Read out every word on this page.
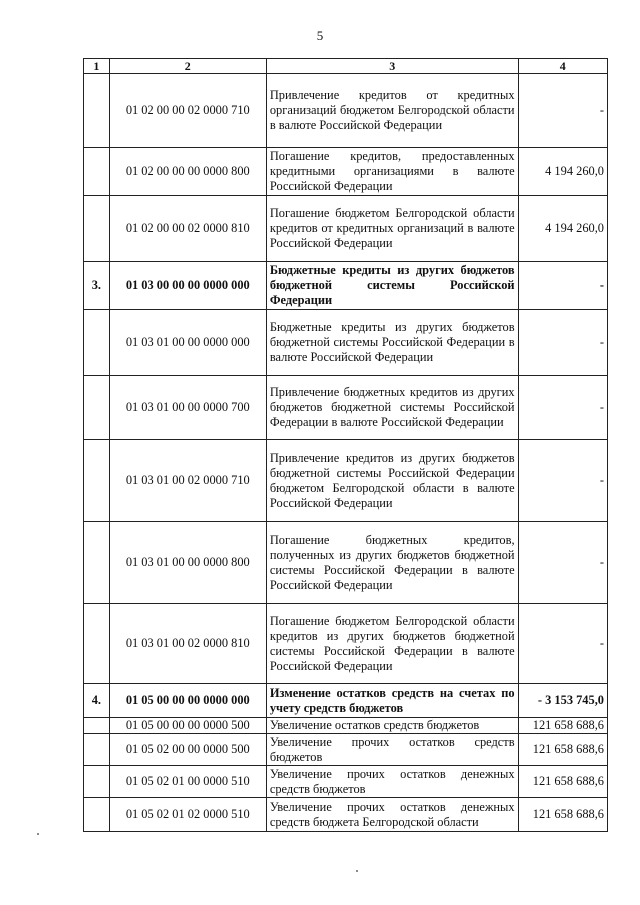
5
1	2	3	4
	01 02 00 00 02 0000 710	Привлечение кредитов от кредитных организаций бюджетом Белгородской области в валюте Российской Федерации	-
	01 02 00 00 00 0000 800	Погашение кредитов, предоставленных кредитными организациями в валюте Российской Федерации	4 194 260,0
	01 02 00 00 02 0000 810	Погашение бюджетом Белгородской области кредитов от кредитных организаций в валюте Российской Федерации	4 194 260,0
3.	01 03 00 00 00 0000 000	Бюджетные кредиты из других бюджетов бюджетной системы Российской Федерации	-
	01 03 01 00 00 0000 000	Бюджетные кредиты из других бюджетов бюджетной системы Российской Федерации в валюте Российской Федерации	-
	01 03 01 00 00 0000 700	Привлечение бюджетных кредитов из других бюджетов бюджетной системы Российской Федерации в валюте Российской Федерации	-
	01 03 01 00 02 0000 710	Привлечение кредитов из других бюджетов бюджетной системы Российской Федерации бюджетом Белгородской области в валюте Российской Федерации	-
	01 03 01 00 00 0000 800	Погашение бюджетных кредитов, полученных из других бюджетов бюджетной системы Российской Федерации в валюте Российской Федерации	-
	01 03 01 00 02 0000 810	Погашение бюджетом Белгородской области кредитов из других бюджетов бюджетной системы Российской Федерации в валюте Российской Федерации	-
4.	01 05 00 00 00 0000 000	Изменение остатков средств на счетах по учету средств бюджетов	- 3 153 745,0
	01 05 00 00 00 0000 500	Увеличение остатков средств бюджетов	121 658 688,6
	01 05 02 00 00 0000 500	Увеличение прочих остатков средств бюджетов	121 658 688,6
	01 05 02 01 00 0000 510	Увеличение прочих остатков денежных средств бюджетов	121 658 688,6
	01 05 02 01 02 0000 510	Увеличение прочих остатков денежных средств бюджета Белгородской области	121 658 688,6
